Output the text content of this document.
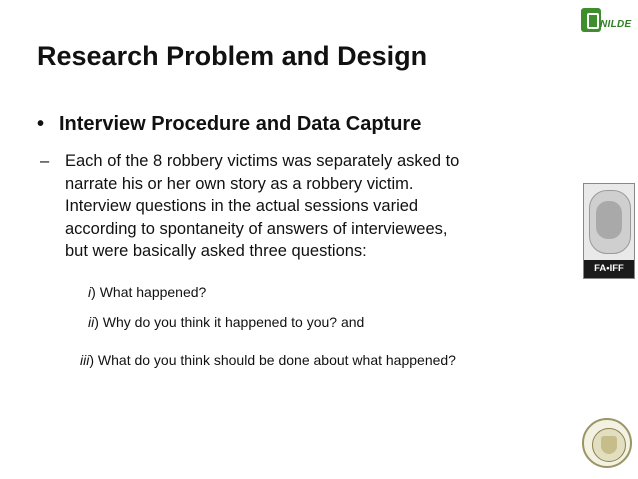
NILDE
Research Problem and Design
• Interview Procedure and Data Capture
– Each of the 8 robbery victims was separately asked to
narrate his or her own story as a robbery victim.
Interview questions in the actual sessions varied
according to spontaneity of answers of interviewees,
but were basically asked three questions:
FA•IFF
i) What happened?
ii) Why do you think it happened to you? and
iii) What do you think should be done about what happened?
